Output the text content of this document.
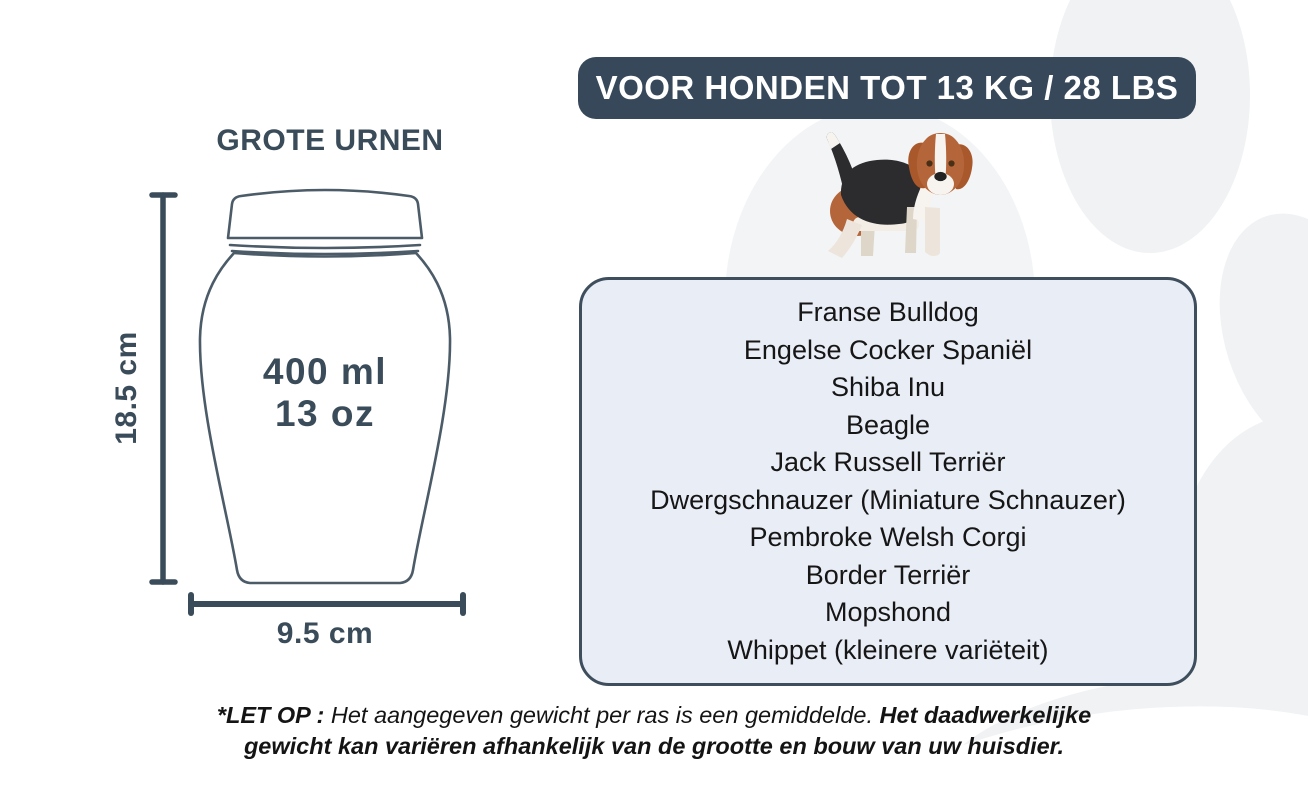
VOOR HONDEN TOT 13 KG / 28 LBS
GROTE URNEN
400 ml
13 oz
18.5 cm
9.5 cm
Franse Bulldog
Engelse Cocker Spaniël
Shiba Inu
Beagle
Jack Russell Terriër
Dwergschnauzer (Miniature Schnauzer)
Pembroke Welsh Corgi
Border Terriër
Mopshond
Whippet (kleinere variëteit)
*LET OP : Het aangegeven gewicht per ras is een gemiddelde. Het daadwerkelijke gewicht kan variëren afhankelijk van de grootte en bouw van uw huisdier.
